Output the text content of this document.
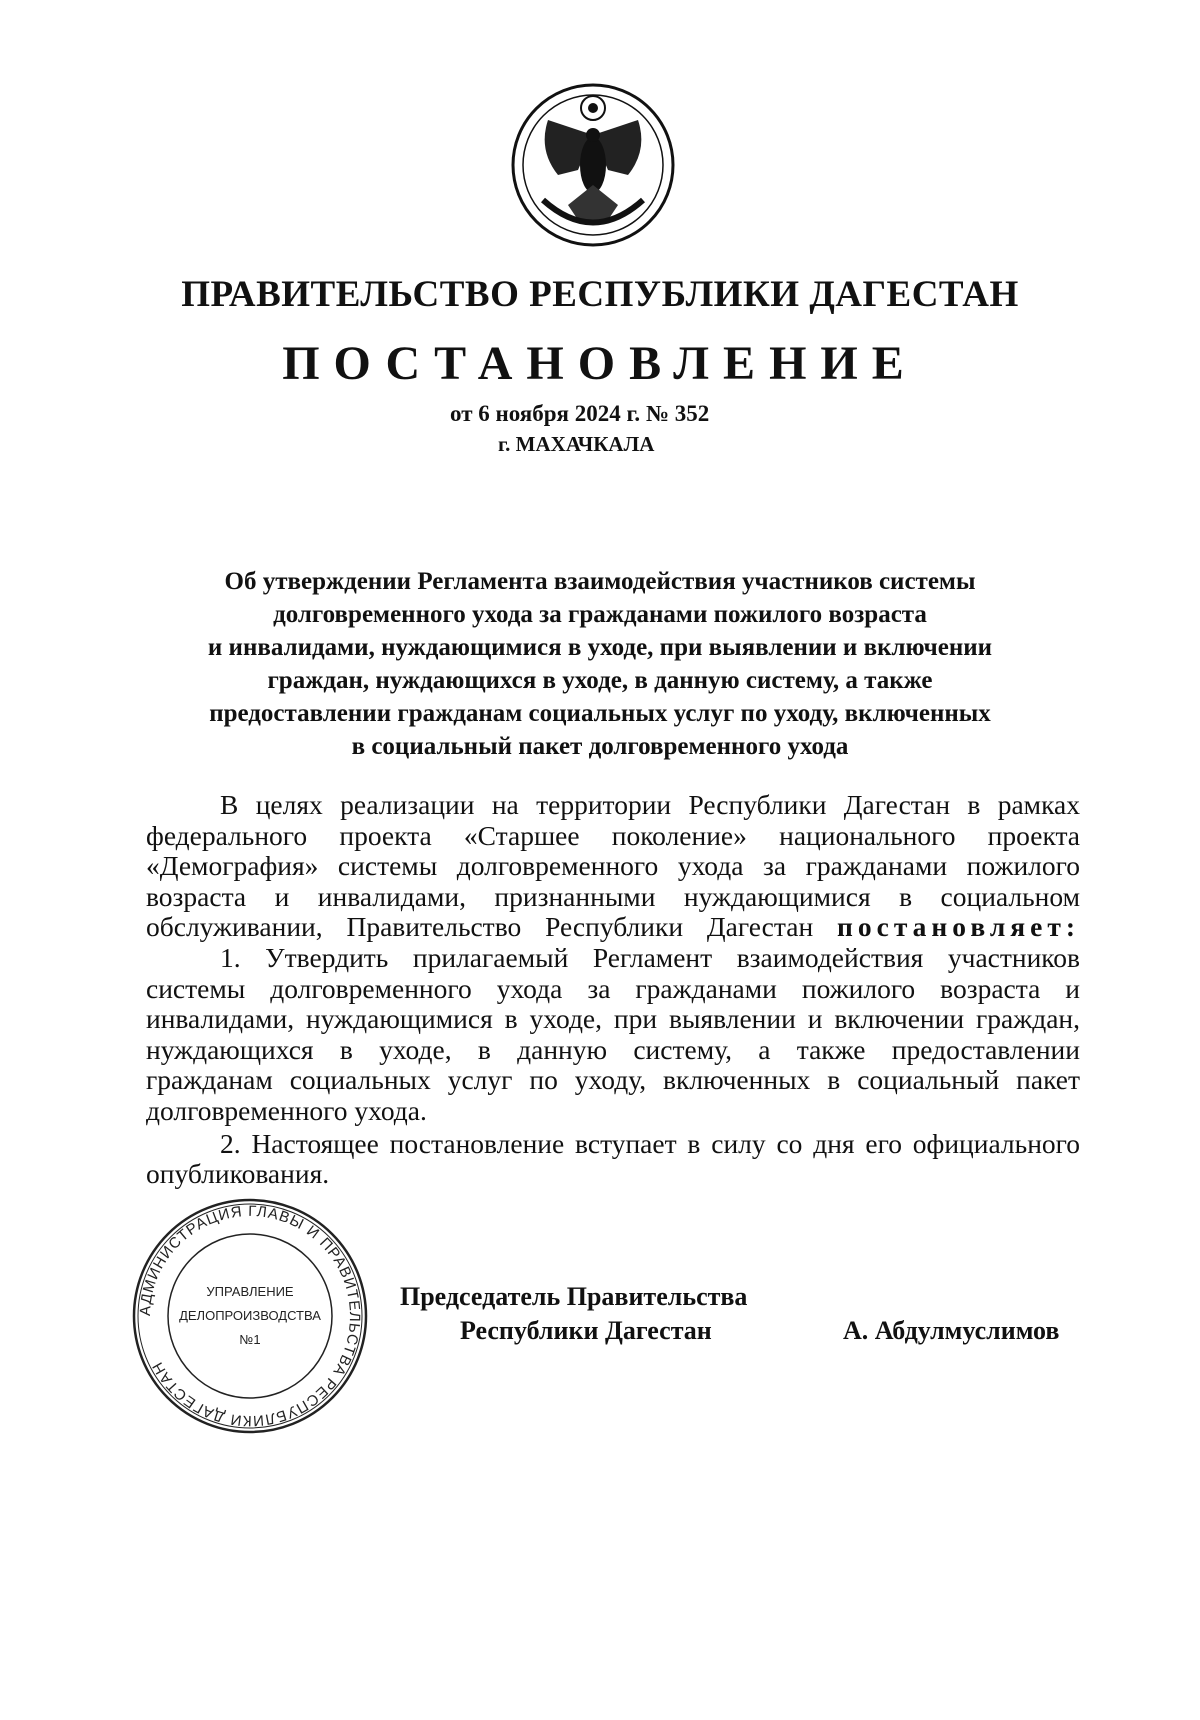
ПРАВИТЕЛЬСТВО РЕСПУБЛИКИ ДАГЕСТАН
ПОСТАНОВЛЕНИЕ
от 6 ноября 2024 г. № 352
г. МАХАЧКАЛА
Об утверждении Регламента взаимодействия участников системы
долговременного ухода за гражданами пожилого возраста
и инвалидами, нуждающимися в уходе, при выявлении и включении
граждан, нуждающихся в уходе, в данную систему, а также
предоставлении гражданам социальных услуг по уходу, включенных
в социальный пакет долговременного ухода
В целях реализации на территории Республики Дагестан в рамках
федерального проекта «Старшее поколение» национального проекта
«Демография» системы долговременного ухода за гражданами пожилого
возраста и инвалидами, признанными нуждающимися в социальном
обслуживании, Правительство Республики Дагестан постановляет:
1. Утвердить прилагаемый Регламент взаимодействия участников
системы долговременного ухода за гражданами пожилого возраста и
инвалидами, нуждающимися в уходе, при выявлении и включении граждан,
нуждающихся в уходе, в данную систему, а также предоставлении
гражданам социальных услуг по уходу, включенных в социальный пакет
долговременного ухода.
2. Настоящее постановление вступает в силу со дня его официального
опубликования.
АДМИНИСТРАЦИЯ ГЛАВЫ И ПРАВИТЕЛЬСТВА РЕСПУБЛИКИ ДАГЕСТАН
УПРАВЛЕНИЕ
ДЕЛОПРОИЗВОДСТВА
№1
Председатель Правительства
Республики Дагестан	А. Абдулмуслимов
